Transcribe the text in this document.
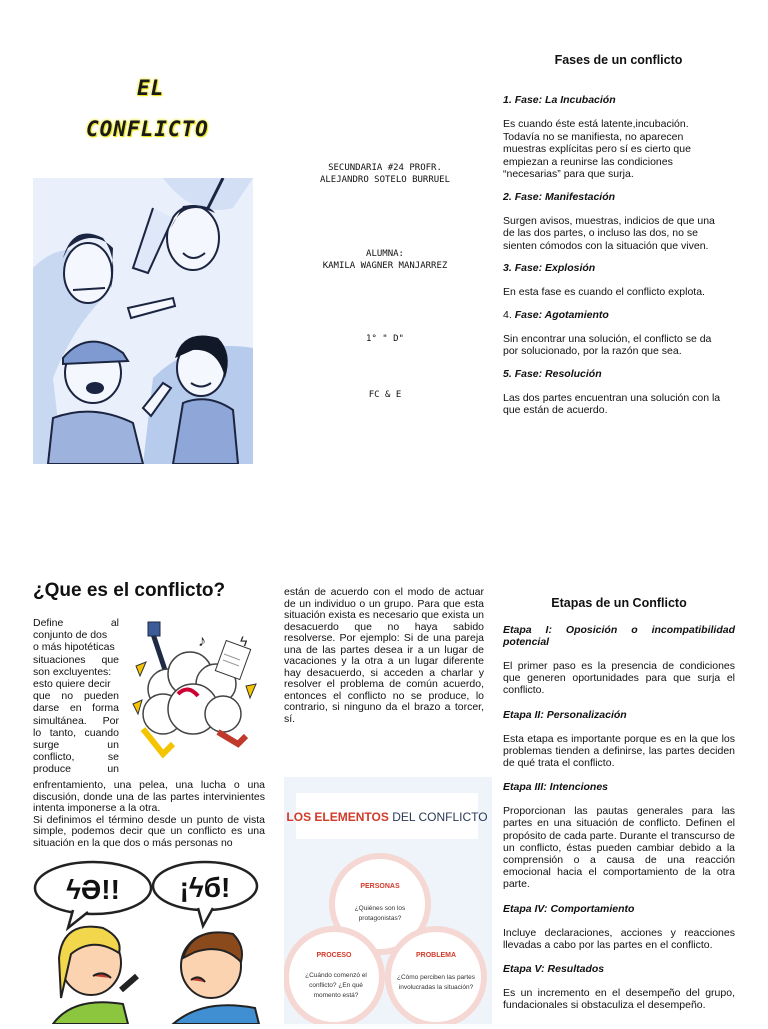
EL
CONFLICTO
SECUNDARIA #24 PROFR.
ALEJANDRO SOTELO BURRUEL
ALUMNA:
KAMILA WAGNER MANJARREZ
1° " D"
FC & E
Fases de un conflicto
1. Fase: La Incubación
Es cuando éste está latente,incubación. Todavía no se manifiesta, no aparecen muestras explícitas pero sí es cierto que empiezan a reunirse las condiciones “necesarias” para que surja.
2. Fase: Manifestación
Surgen avisos, muestras, indicios de que una de las dos partes, o incluso las dos, no se sienten cómodos con la situación que viven.
3. Fase: Explosión
En esta fase es cuando el conflicto explota.
4. Fase: Agotamiento
Sin encontrar una solución, el conflicto se da por solucionado, por la razón que sea.
5. Fase: Resolución
Las dos partes encuentran una solución con la que están de acuerdo.
¿Que es el conflicto?
Define al
conjunto de dos
o más hipotéticas
situaciones que
son excluyentes:
esto quiere decir
que no pueden
darse en forma
simultánea. Por
lo tanto, cuando
surge un
conflicto, se
produce un
♪ ϟ
enfrentamiento, una pelea, una lucha o una discusión, donde una de las partes intervinientes intenta imponerse a la otra.
Si definimos el término desde un punto de vista simple, podemos decir que un conflicto es una situación en la que dos o más personas no
ϟƏ!! ¡ϟб!
están de acuerdo con el modo de actuar de un individuo o un grupo. Para que esta situación exista es necesario que exista un desacuerdo que no haya sabido resolverse. Por ejemplo: Si de una pareja una de las partes desea ir a un lugar de vacaciones y la otra a un lugar diferente hay desacuerdo, si acceden a charlar y resolver el problema de común acuerdo, entonces el conflicto no se produce, lo contrario, si ninguno da el brazo a torcer, sí.
LOS ELEMENTOS DEL CONFLICTO
PERSONAS
¿Quiénes son los
protagonistas?
PROCESO
¿Cuándo comenzó el
conflicto? ¿En qué
momento está?
PROBLEMA
¿Cómo perciben las partes
involucradas la situación?
Etapas de un Conflicto
Etapa I: Oposición o incompatibilidad potencial
El primer paso es la presencia de condiciones que generen oportunidades para que surja el conflicto.
Etapa II: Personalización
Esta etapa es importante porque es en la que los problemas tienden a definirse, las partes deciden de qué trata el conflicto.
Etapa III: Intenciones
Proporcionan las pautas generales para las partes en una situación de conflicto. Definen el propósito de cada parte. Durante el transcurso de un conflicto, éstas pueden cambiar debido a la comprensión o a causa de una reacción emocional hacia el comportamiento de la otra parte.
Etapa IV: Comportamiento
Incluye declaraciones, acciones y reacciones llevadas a cabo por las partes en el conflicto.
Etapa V: Resultados
Es un incremento en el desempeño del grupo, fundacionales si obstaculiza el desempeño.
